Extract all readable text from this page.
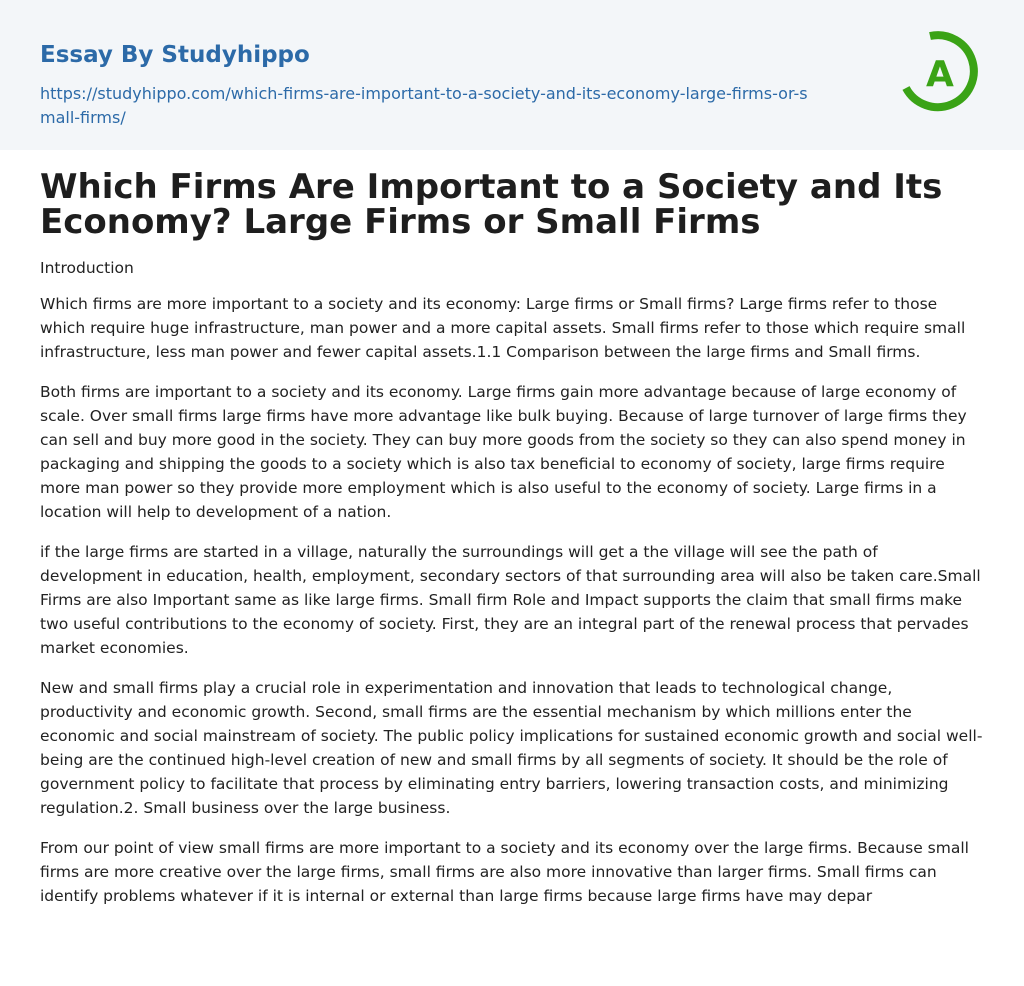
Essay By Studyhippo
https://studyhippo.com/which-firms-are-important-to-a-society-and-its-economy-large-firms-or-small-firms/
A
Which Firms Are Important to a Society and Its Economy? Large Firms or Small Firms

Introduction

Which firms are more important to a society and its economy: Large firms or Small firms? Large firms refer to those which require huge infrastructure, man power and a more capital assets. Small firms refer to those which require small infrastructure, less man power and fewer capital assets.1.1 Comparison between the large firms and Small firms.

Both firms are important to a society and its economy. Large firms gain more advantage because of large economy of scale. Over small firms large firms have more advantage like bulk buying. Because of large turnover of large firms they can sell and buy more good in the society. They can buy more goods from the society so they can also spend money in packaging and shipping the goods to a society which is also tax beneficial to economy of society, large firms require more man power so they provide more employment which is also useful to the economy of society. Large firms in a location will help to development of a nation.

if the large firms are started in a village, naturally the surroundings will get a the village will see the path of development in education, health, employment, secondary sectors of that surrounding area will also be taken care.Small Firms are also Important same as like large firms. Small firm Role and Impact supports the claim that small firms make two useful contributions to the economy of society. First, they are an integral part of the renewal process that pervades market economies.

New and small firms play a crucial role in experimentation and innovation that leads to technological change, productivity and economic growth. Second, small firms are the essential mechanism by which millions enter the economic and social mainstream of society. The public policy implications for sustained economic growth and social well-being are the continued high-level creation of new and small firms by all segments of society. It should be the role of government policy to facilitate that process by eliminating entry barriers, lowering transaction costs, and minimizing regulation.2. Small business over the large business.

From our point of view small firms are more important to a society and its economy over the large firms. Because small firms are more creative over the large firms, small firms are also more innovative than larger firms. Small firms can identify problems whatever if it is internal or external than large firms because large firms have may depar
